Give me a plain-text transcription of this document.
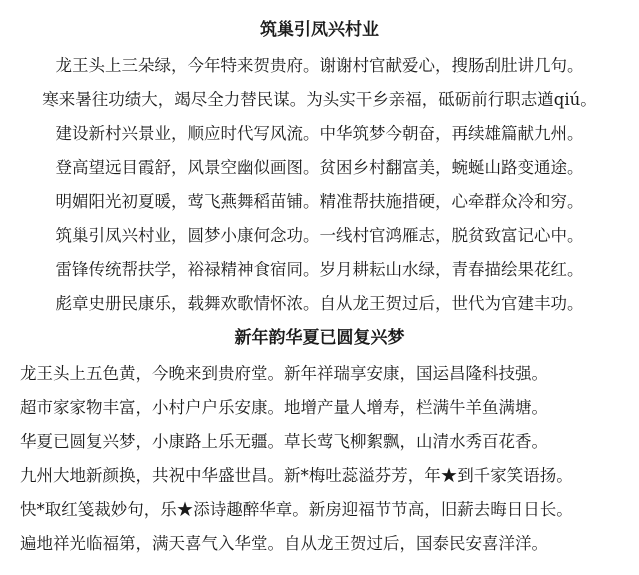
筑巢引凤兴村业
龙王头上三朵绿，今年特来贺贵府。谢谢村官献爱心，搜肠刮肚讲几句。
寒来暑往功绩大，竭尽全力替民谋。为头实干乡亲福，砥砺前行职志遒qiú。
建设新村兴景业，顺应时代写风流。中华筑梦今朝奋，再续雄篇献九州。
登高望远目霞舒，风景空幽似画图。贫困乡村翻富美，蜿蜒山路变通途。
明媚阳光初夏暖，莺飞燕舞稻苗铺。精准帮扶施措硬，心牵群众冷和穷。
筑巢引凤兴村业，圆梦小康何念功。一线村官鸿雁志，脱贫致富记心中。
雷锋传统帮扶学，裕禄精神食宿同。岁月耕耘山水绿，青春描绘果花红。
彪章史册民康乐，载舞欢歌情怀浓。自从龙王贺过后，世代为官建丰功。
新年韵华夏已圆复兴梦
龙王头上五色黄，今晚来到贵府堂。新年祥瑞享安康，国运昌隆科技强。
超市家家物丰富，小村户户乐安康。地增产量人增寿，栏满牛羊鱼满塘。
华夏已圆复兴梦，小康路上乐无疆。草长莺飞柳絮飘，山清水秀百花香。
九州大地新颜换，共祝中华盛世昌。新*梅吐蕊溢芬芳，年★到千家笑语扬。
快*取红笺裁妙句，乐★添诗趣醉华章。新房迎福节节高，旧薪去晦日日长。
遍地祥光临福第，满天喜气入华堂。自从龙王贺过后，国泰民安喜洋洋。
